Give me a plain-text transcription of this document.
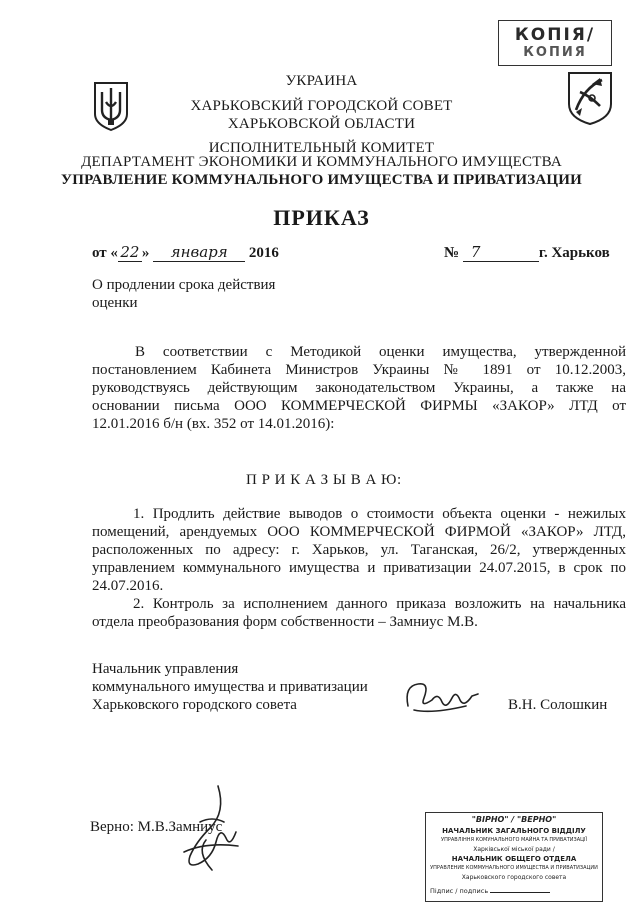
КОПІЯ/
КОПИЯ
УКРАИНА
ХАРЬКОВСКИЙ ГОРОДСКОЙ СОВЕТ
ХАРЬКОВСКОЙ ОБЛАСТИ
ИСПОЛНИТЕЛЬНЫЙ КОМИТЕТ
ДЕПАРТАМЕНТ ЭКОНОМИКИ И КОММУНАЛЬНОГО ИМУЩЕСТВА
УПРАВЛЕНИЕ КОММУНАЛЬНОГО ИМУЩЕСТВА И ПРИВАТИЗАЦИИ
ПРИКАЗ
от « 22 » января 2016	№ 7	г. Харьков
О продлении срока действия
оценки
В соответствии с Методикой оценки имущества, утвержденной
постановлением Кабинета Министров Украины № 1891 от 10.12.2003,
руководствуясь действующим законодательством Украины, а также на
основании письма ООО КОММЕРЧЕСКОЙ ФИРМЫ «ЗАКОР» ЛТД от
12.01.2016 б/н (вх. 352 от 14.01.2016):
П Р И К А З Ы В А Ю:
1. Продлить действие выводов о стоимости объекта оценки - нежилых
помещений, арендуемых ООО КОММЕРЧЕСКОЙ ФИРМОЙ «ЗАКОР» ЛТД,
расположенных по адресу: г. Харьков, ул. Таганская, 26/2, утвержденных
управлением коммунального имущества и приватизации 24.07.2015, в срок по
24.07.2016.
2. Контроль за исполнением данного приказа возложить на начальника
отдела преобразования форм собственности – Замниус М.В.
Начальник управления
коммунального имущества и приватизации
Харьковского городского совета	В.Н. Солошкин
Верно: М.В.Замниус	"ВІРНО" / "ВЕРНО"
НАЧАЛЬНИК ЗАГАЛЬНОГО ВІДДІЛУ
УПРАВЛІННЯ КОМУНАЛЬНОГО МАЙНА ТА ПРИВАТИЗАЦІЇ
Харківської міської ради /
НАЧАЛЬНИК ОБЩЕГО ОТДЕЛА
УПРАВЛЕНИЕ КОММУНАЛЬНОГО ИМУЩЕСТВА И ПРИВАТИЗАЦИИ
Харьковского городского совета
Підпис / подпись
